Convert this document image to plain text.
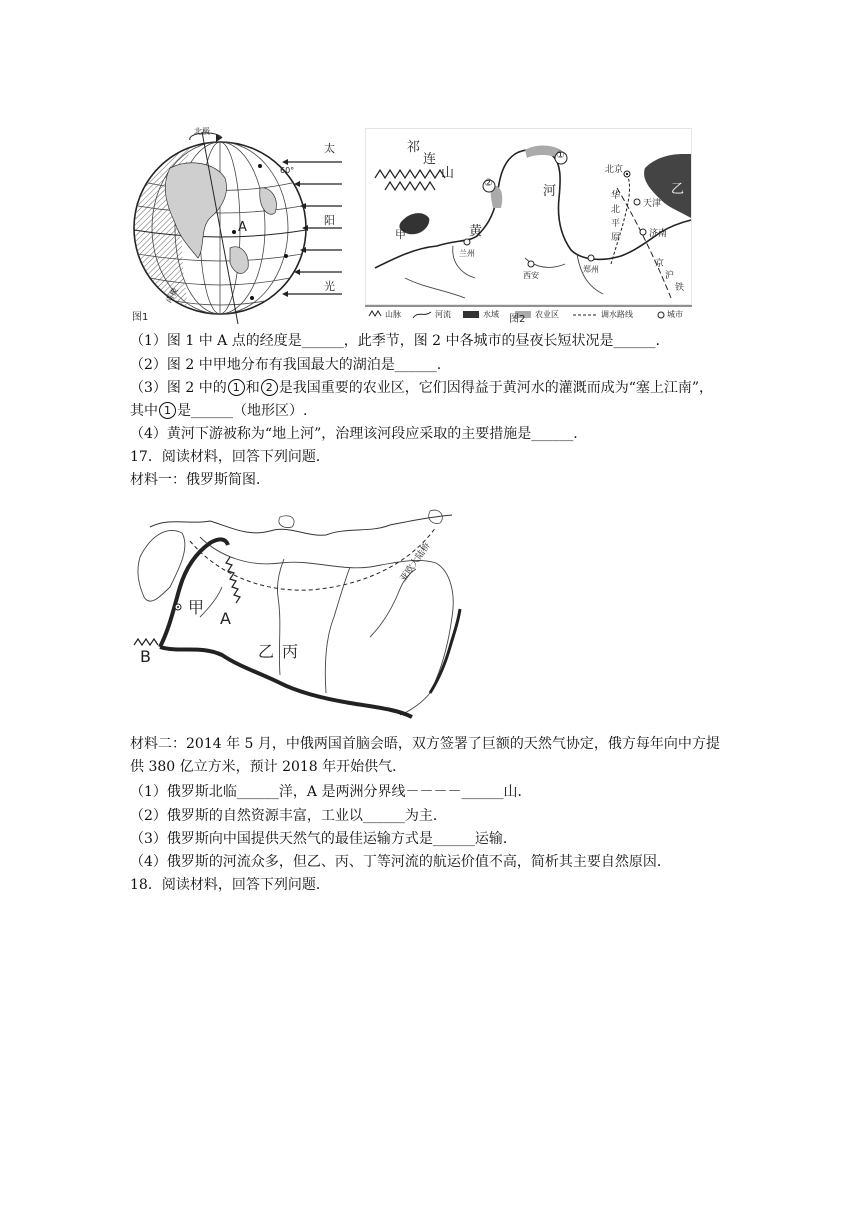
北极
60°
A
太
阳
光
南极
图1
祁
连
山
甲	黄
河
①
②
北京
天津
济南
乙
兰州
西安
郑州
华
北
平
原
京
沪
铁
山脉	河流	水域	农业区	调水路线	城市
图2
（1）图 1 中 A 点的经度是______，此季节，图 2 中各城市的昼夜长短状况是______.
（2）图 2 中甲地分布有我国最大的湖泊是______.
（3）图 2 中的 1 和 2 是我国重要的农业区，它们因得益于黄河水的灌溉而成为“塞上江南”，
其中 1 是______（地形区）.
（4）黄河下游被称为“地上河”，治理该河段应采取的主要措施是______.
17．阅读材料，回答下列问题．
材料一：俄罗斯简图．
甲
A
B	乙 丙
亚欧大陆桥
材料二：2014 年 5 月，中俄两国首脑会晤，双方签署了巨额的天然气协定，俄方每年向中方提供 380 亿立方米，预计 2018 年开始供气．
（1）俄罗斯北临______洋，A 是两洲分界线－－－－______山．
（2）俄罗斯的自然资源丰富，工业以______为主．
（3）俄罗斯向中国提供天然气的最佳运输方式是______运输．
（4）俄罗斯的河流众多，但乙、丙、丁等河流的航运价值不高，简析其主要自然原因．
18．阅读材料，回答下列问题．
